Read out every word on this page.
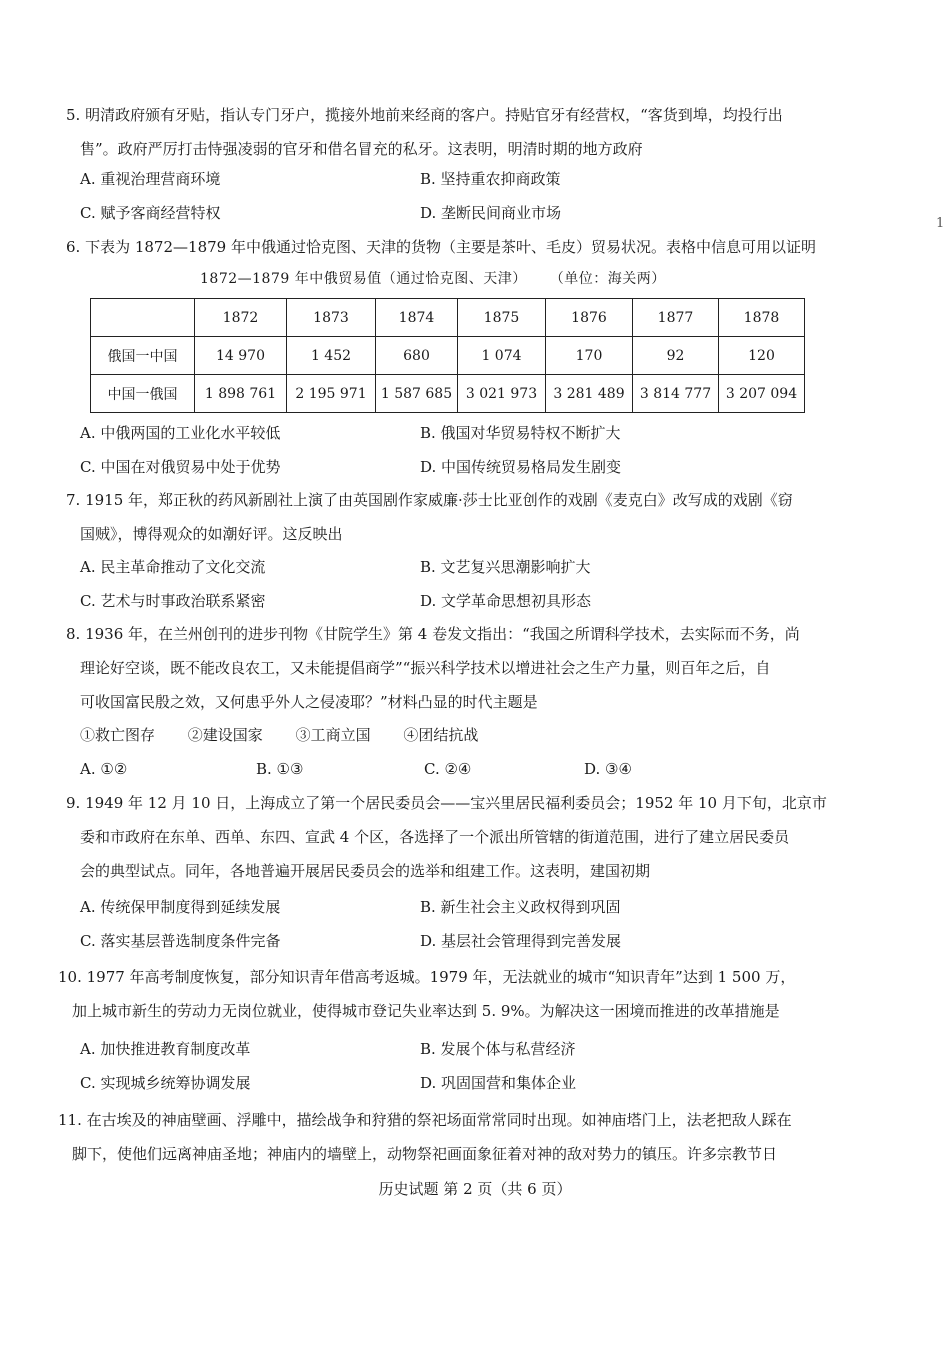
5. 明清政府颁有牙贴，指认专门牙户，揽接外地前来经商的客户。持贴官牙有经营权，“客货到埠，均投行出

售”。政府严厉打击恃强凌弱的官牙和借名冒充的私牙。这表明，明清时期的地方政府

A. 重视治理营商环境	B. 坚持重农抑商政策
C. 赋予客商经营特权	D. 垄断民间商业市场
1

6. 下表为 1872—1879 年中俄通过恰克图、天津的货物（主要是茶叶、毛皮）贸易状况。表格中信息可用以证明

1872—1879 年中俄贸易值（通过恰克图、天津） （单位：海关两）
	1872	1873	1874	1875	1876	1877	1878
俄国一中国	14 970	1 452	680	1 074	170	92	120
中国一俄国	1 898 761	2 195 971	1 587 685	3 021 973	3 281 489	3 814 777	3 207 094
A. 中俄两国的工业化水平较低	B. 俄国对华贸易特权不断扩大
C. 中国在对俄贸易中处于优势	D. 中国传统贸易格局发生剧变

7. 1915 年，郑正秋的药风新剧社上演了由英国剧作家威廉·莎士比亚创作的戏剧《麦克白》改写成的戏剧《窃

国贼》，博得观众的如潮好评。这反映出

A. 民主革命推动了文化交流	B. 文艺复兴思潮影响扩大
C. 艺术与时事政治联系紧密	D. 文学革命思想初具形态

8. 1936 年，在兰州创刊的进步刊物《甘院学生》第 4 卷发文指出：“我国之所谓科学技术，去实际而不务，尚

理论好空谈，既不能改良农工，又未能提倡商学”“振兴科学技术以增进社会之生产力量，则百年之后，自

可收国富民殷之效，又何患乎外人之侵凌耶？”材料凸显的时代主题是

①救亡图存 ②建设国家 ③工商立国 ④团结抗战
A. ①②	B. ①③	C. ②④	D. ③④

9. 1949 年 12 月 10 日，上海成立了第一个居民委员会——宝兴里居民福利委员会；1952 年 10 月下旬，北京市

委和市政府在东单、西单、东四、宣武 4 个区，各选择了一个派出所管辖的街道范围，进行了建立居民委员

会的典型试点。同年，各地普遍开展居民委员会的选举和组建工作。这表明，建国初期

A. 传统保甲制度得到延续发展	B. 新生社会主义政权得到巩固
C. 落实基层普选制度条件完备	D. 基层社会管理得到完善发展

10. 1977 年高考制度恢复，部分知识青年借高考返城。1979 年，无法就业的城市“知识青年”达到 1 500 万，

加上城市新生的劳动力无岗位就业，使得城市登记失业率达到 5. 9%。为解决这一困境而推进的改革措施是

A. 加快推进教育制度改革	B. 发展个体与私营经济
C. 实现城乡统筹协调发展	D. 巩固国营和集体企业

11. 在古埃及的神庙壁画、浮雕中，描绘战争和狩猎的祭祀场面常常同时出现。如神庙塔门上，法老把敌人踩在

脚下，使他们远离神庙圣地；神庙内的墙壁上，动物祭祀画面象征着对神的敌对势力的镇压。许多宗教节日

历史试题 第 2 页（共 6 页）
